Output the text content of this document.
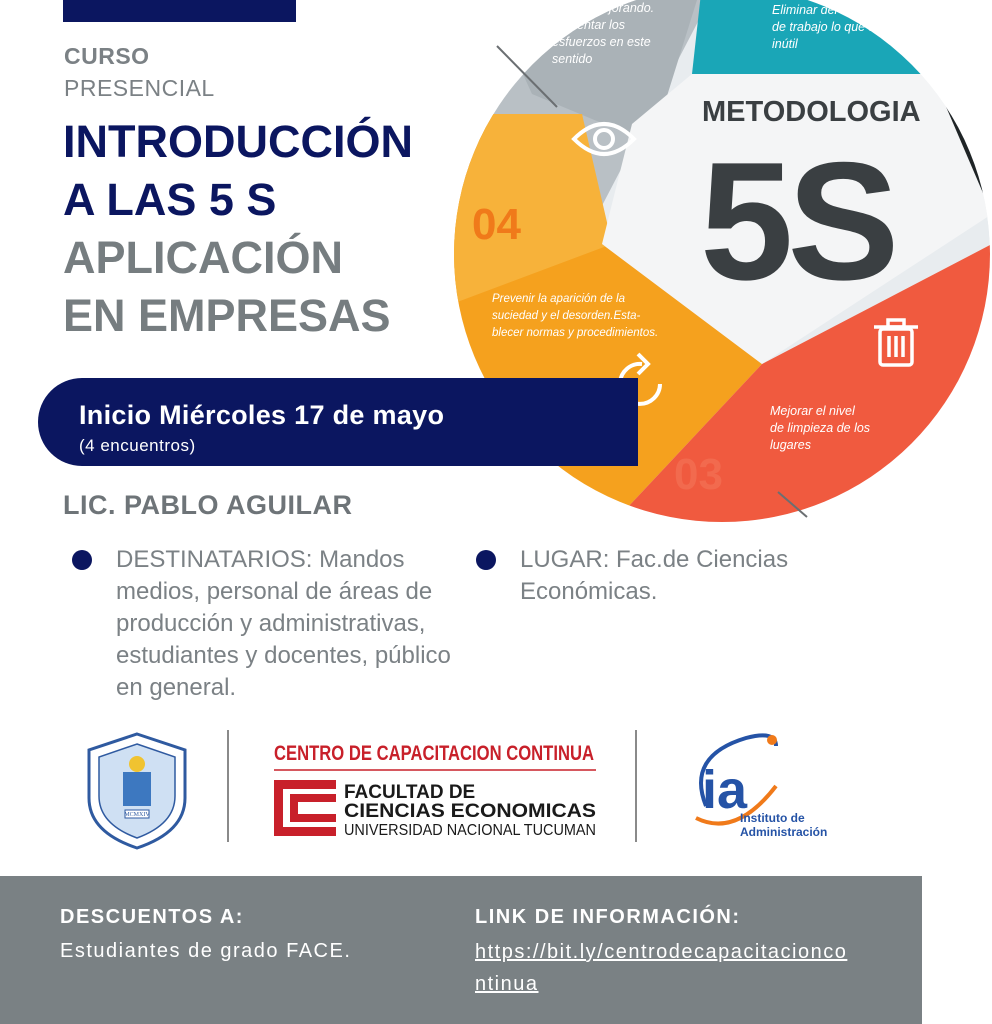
CURSO
PRESENCIAL
INTRODUCCIÓN
A LAS 5 S
APLICACIÓN
EN EMPRESAS
METODOLOGIA
5S
04
03
Seguir mejorando.
Fomentar los
esfuerzos en este
sentido
Eliminar del espacio
de trabajo lo que sea
inútil
Prevenir la aparición de la
suciedad y el desorden.Esta-
blecer normas y procedimientos.
Mejorar el nivel
de limpieza de los
lugares
Inicio Miércoles 17 de mayo
(4 encuentros)
LIC. PABLO AGUILAR
DESTINATARIOS: Mandos medios, personal de áreas de producción y administrativas, estudiantes y docentes, público en general.
LUGAR: Fac.de Ciencias Económicas.
MCMXIV
CENTRO DE CAPACITACION CONTINUA
FACULTAD DE
CIENCIAS ECONOMICAS
UNIVERSIDAD NACIONAL TUCUMAN
ia
Instituto de
Administración
DESCUENTOS A:
Estudiantes de grado FACE.
LINK DE INFORMACIÓN:
https://bit.ly/centrodecapacitacioncontinua
